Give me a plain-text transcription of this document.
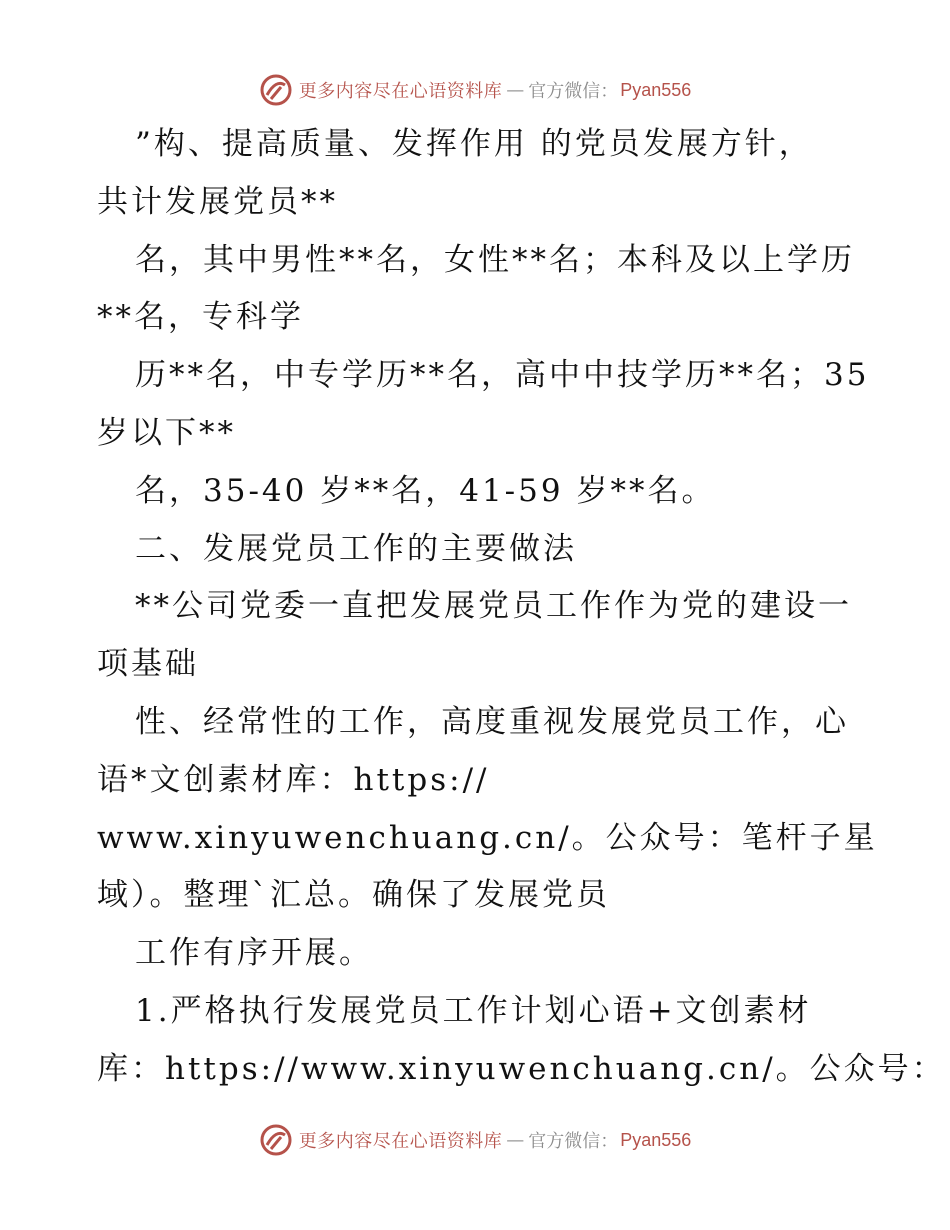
更多内容尽在心语资料库 — 官方微信： Pyan556
”构、提高质量、发挥作用 的党员发展方针，
共计发展党员**
名，其中男性**名，女性**名；本科及以上学历
**名，专科学
历**名，中专学历**名，高中中技学历**名；35
岁以下**
名，35-40 岁**名，41-59 岁**名。
二、发展党员工作的主要做法
**公司党委一直把发展党员工作作为党的建设一
项基础
性、经常性的工作，高度重视发展党员工作，心
语*文创素材库：https://
www.xinyuwenchuang.cn/。公众号：笔杆子星
域）。整理`汇总。确保了发展党员
工作有序开展。
1.严格执行发展党员工作计划心语+文创素材
库：https://www.xinyuwenchuang.cn/。公众号：
更多内容尽在心语资料库 — 官方微信： Pyan556
